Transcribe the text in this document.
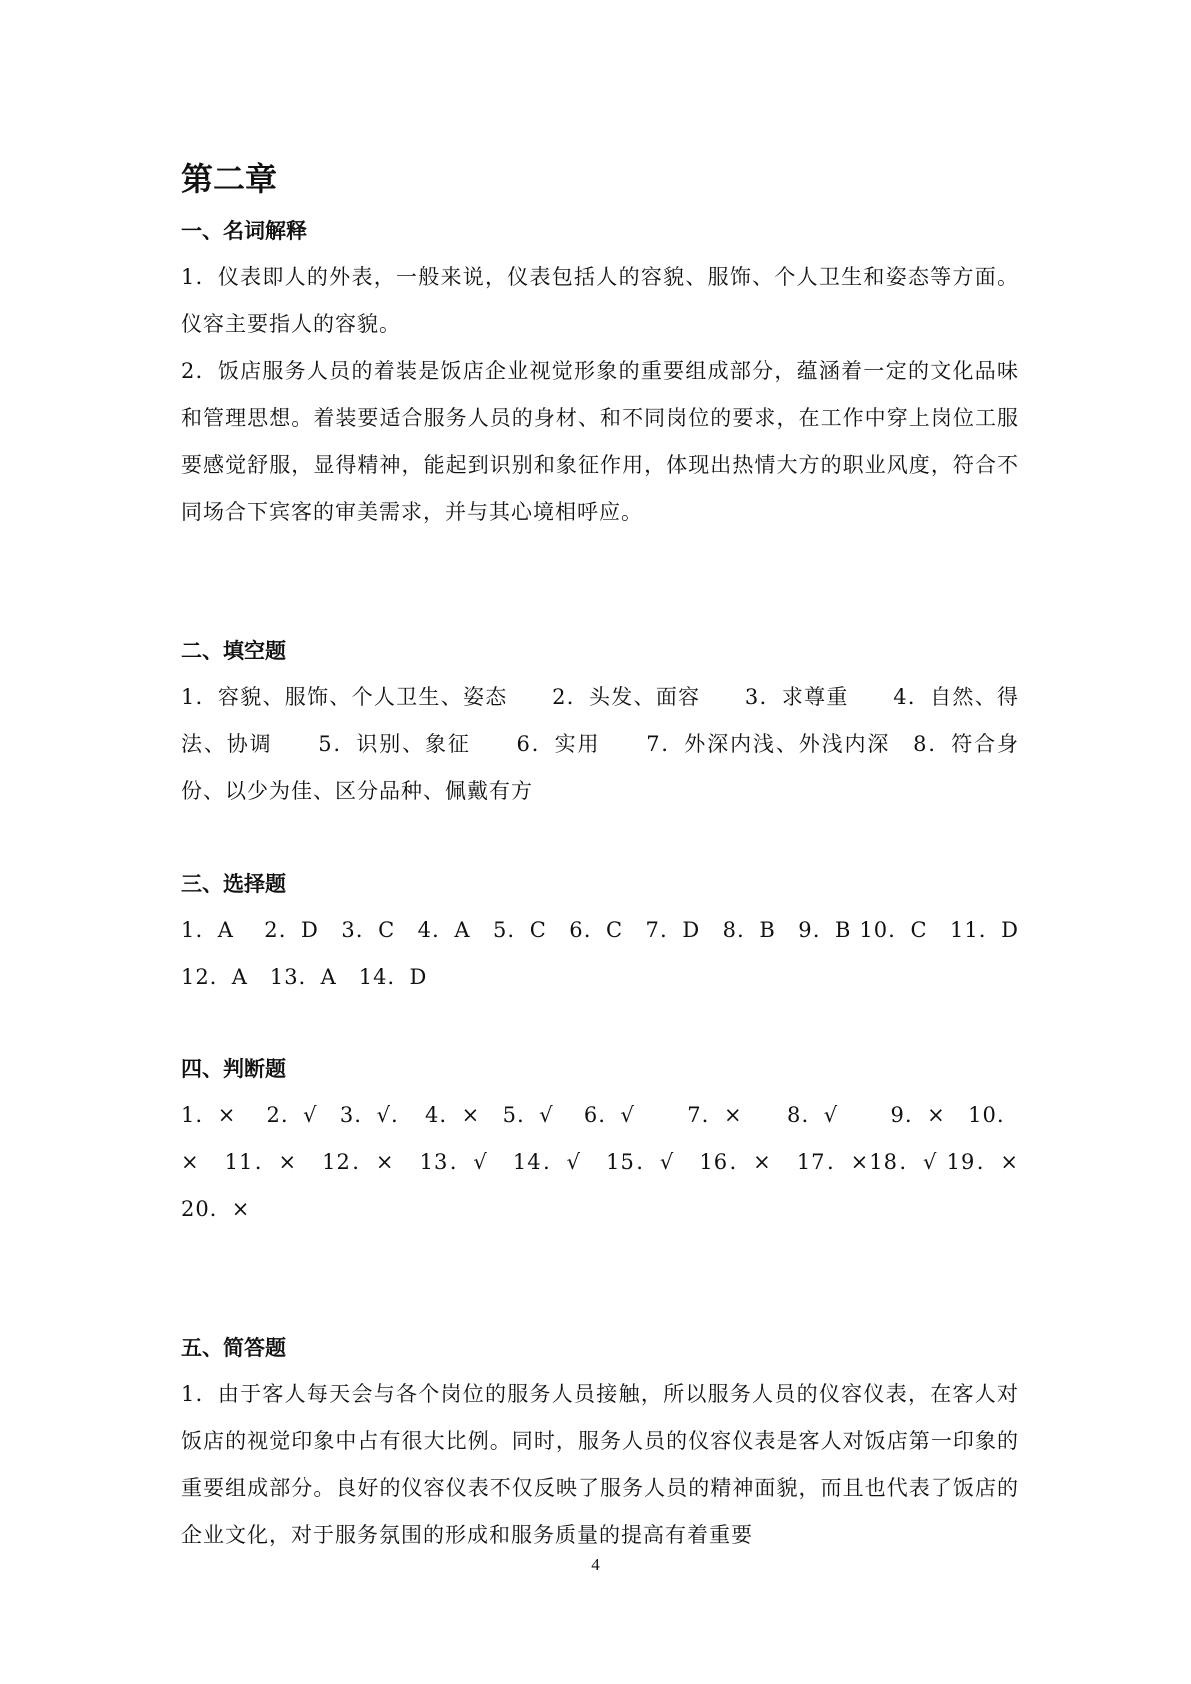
第二章
一、名词解释

1．仪表即人的外表，一般来说，仪表包括人的容貌、服饰、个人卫生和姿态等方面。仪容主要指人的容貌。

2．饭店服务人员的着装是饭店企业视觉形象的重要组成部分，蕴涵着一定的文化品味和管理思想。着装要适合服务人员的身材、和不同岗位的要求，在工作中穿上岗位工服要感觉舒服，显得精神，能起到识别和象征作用，体现出热情大方的职业风度，符合不同场合下宾客的审美需求，并与其心境相呼应。

二、填空题

1．容貌、服饰、个人卫生、姿态　　2．头发、面容　　3．求尊重　　4．自然、得法、协调　　5．识别、象征　　6．实用　　7．外深内浅、外浅内深　8．符合身份、以少为佳、区分品种、佩戴有方

三、选择题

1．A　 2．D　3．C　4．A　5．C　6．C　7．D　8．B　9．B 10．C　11．D　12．A　13．A　14．D

四、判断题

1．×　 2．√　3．√．　4．×　5．√　 6．√　　 7．×　　8．√　　 9．×　10．×　11．×　12．×　13．√　14．√　15．√　16．×　17．×18．√ 19．×　20．×

五、简答题

1．由于客人每天会与各个岗位的服务人员接触，所以服务人员的仪容仪表，在客人对饭店的视觉印象中占有很大比例。同时，服务人员的仪容仪表是客人对饭店第一印象的重要组成部分。良好的仪容仪表不仅反映了服务人员的精神面貌，而且也代表了饭店的企业文化，对于服务氛围的形成和服务质量的提高有着重要

4
